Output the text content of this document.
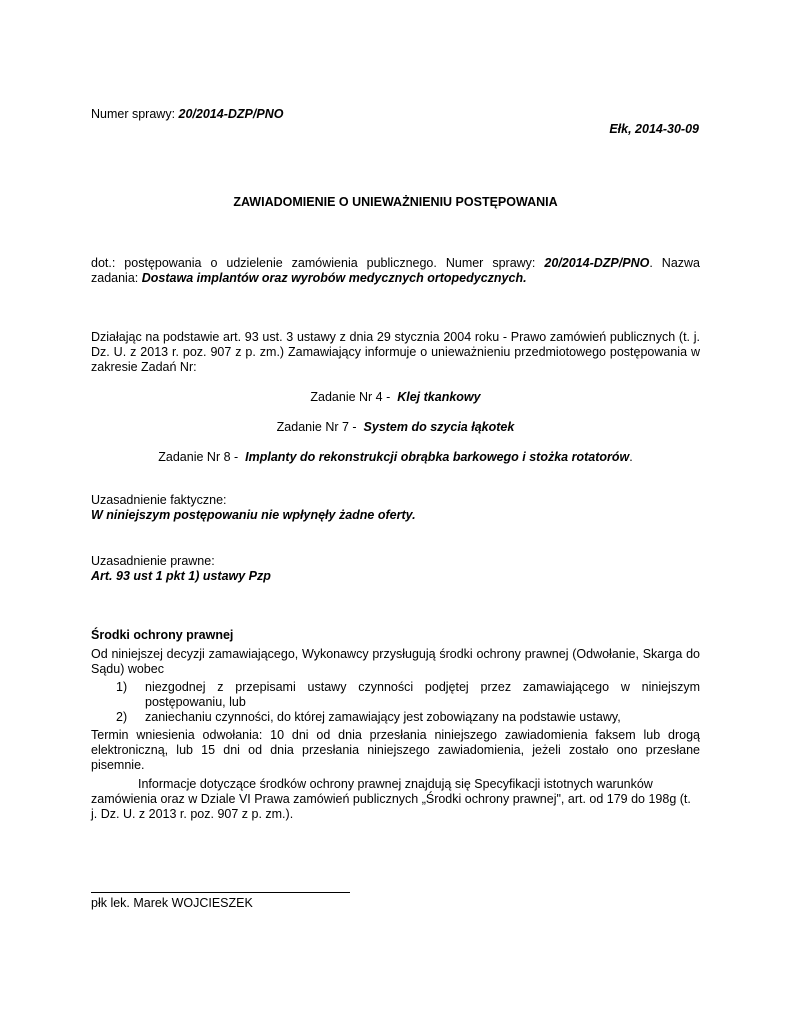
Numer sprawy: 20/2014-DZP/PNO
Ełk, 2014-30-09
ZAWIADOMIENIE O UNIEWAŻNIENIU POSTĘPOWANIA
dot.: postępowania o udzielenie zamówienia publicznego. Numer sprawy: 20/2014-DZP/PNO. Nazwa zadania: Dostawa implantów oraz wyrobów medycznych ortopedycznych.
Działając na podstawie art. 93 ust. 3 ustawy z dnia 29 stycznia 2004 roku - Prawo zamówień publicznych (t. j. Dz. U. z 2013 r. poz. 907 z p. zm.) Zamawiający informuje o unieważnieniu przedmiotowego postępowania w zakresie Zadań Nr:
Zadanie Nr 4 - Klej tkankowy
Zadanie Nr 7 - System do szycia łąkotek
Zadanie Nr 8 - Implanty do rekonstrukcji obrąbka barkowego i stożka rotatorów.
Uzasadnienie faktyczne:
W niniejszym postępowaniu nie wpłynęły żadne oferty.
Uzasadnienie prawne:
Art. 93 ust 1 pkt 1) ustawy Pzp
Środki ochrony prawnej
Od niniejszej decyzji zamawiającego, Wykonawcy przysługują środki ochrony prawnej (Odwołanie, Skarga do Sądu) wobec
1)	niezgodnej z przepisami ustawy czynności podjętej przez zamawiającego w niniejszym postępowaniu, lub
2)	zaniechaniu czynności, do której zamawiający jest zobowiązany na podstawie ustawy,
Termin wniesienia odwołania: 10 dni od dnia przesłania niniejszego zawiadomienia faksem lub drogą elektroniczną, lub 15 dni od dnia przesłania niniejszego zawiadomienia, jeżeli zostało ono przesłane pisemnie.
Informacje dotyczące środków ochrony prawnej znajdują się Specyfikacji istotnych warunków zamówienia oraz w Dziale VI Prawa zamówień publicznych „Środki ochrony prawnej", art. od 179 do 198g (t. j. Dz. U. z 2013 r. poz. 907 z p. zm.).
płk lek. Marek WOJCIESZEK
